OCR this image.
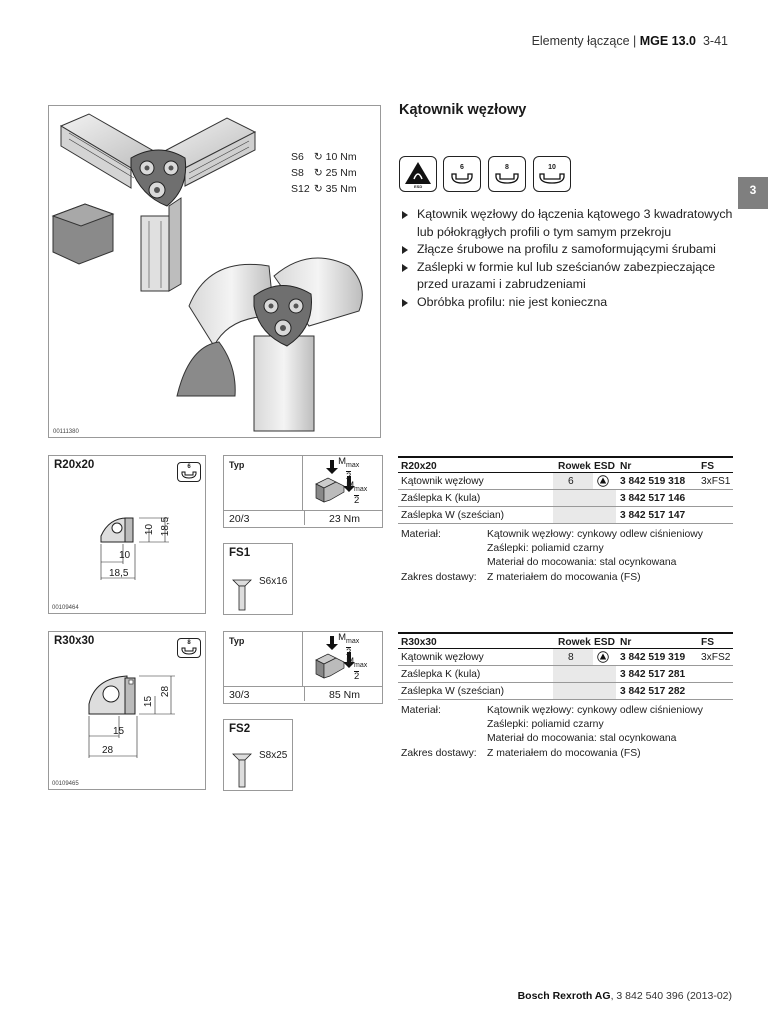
Elementy łączące | MGE 13.0 3-41
3
S6 ↻ 10 Nm
S8 ↻ 25 Nm
S12 ↻ 35 Nm
00111380
Kątownik węzłowy
ESD
6	8	10
Kątownik węzłowy do łączenia kątowego 3 kwadratowych lub półokrągłych profili o tym samym przekroju
Złącze śrubowe na profilu z samoformującymi śrubami
Zaślepki w formie kul lub sześcianów zabezpieczające przed urazami i zabrudzeniami
Obróbka profilu: nie jest konieczna
R20x20	6
10 18,5
10
18,5
00109464
Typ	$M_{max}$
2
$M_{max}$
2
20/3	23 Nm
FS1
S6x16
R20x20	Rowek ESD Nr	FS
Kątownik węzłowy	6	3 842 519 318 3xFS1
Zaślepka K (kula)	3 842 517 146
Zaślepka W (sześcian)	3 842 517 147
Materiał:	Kątownik węzłowy: cynkowy odlew ciśnieniowy
Zaślepki: poliamid czarny
Materiał do mocowania: stal ocynkowana
Zakres dostawy: Z materiałem do mocowania (FS)
R30x30	8
15
28
15
28
00109465
Typ	$M_{max}$
2
$M_{max}$
2
30/3	85 Nm
FS2
S8x25
R30x30	Rowek ESD Nr	FS
Kątownik węzłowy	8	3 842 519 319 3xFS2
Zaślepka K (kula)	3 842 517 281
Zaślepka W (sześcian)	3 842 517 282
Materiał:	Kątownik węzłowy: cynkowy odlew ciśnieniowy
Zaślepki: poliamid czarny
Materiał do mocowania: stal ocynkowana
Zakres dostawy: Z materiałem do mocowania (FS)
Bosch Rexroth AG, 3 842 540 396 (2013-02)
